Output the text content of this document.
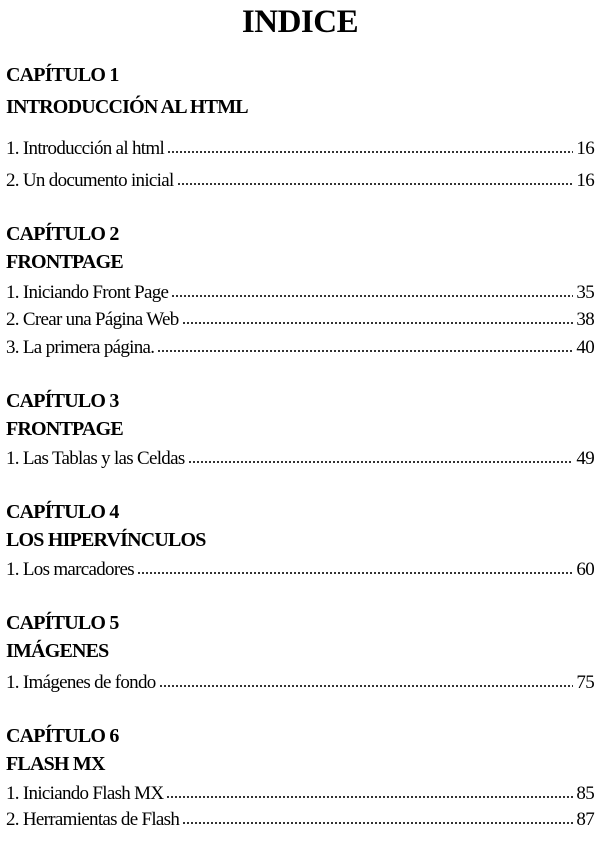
INDICE
CAPÍTULO 1
INTRODUCCIÓN AL HTML
1. Introducción al html	16
2. Un documento inicial	16
CAPÍTULO 2
FRONTPAGE
1. Iniciando Front Page	35
2. Crear una Página Web	38
3. La primera página.	40
CAPÍTULO 3
FRONTPAGE
1. Las Tablas y las Celdas	49
CAPÍTULO 4
LOS HIPERVÍNCULOS
1. Los marcadores	60
CAPÍTULO 5
IMÁGENES
1. Imágenes de fondo	75
CAPÍTULO 6
FLASH MX
1. Iniciando Flash MX	85
2. Herramientas de Flash	87
